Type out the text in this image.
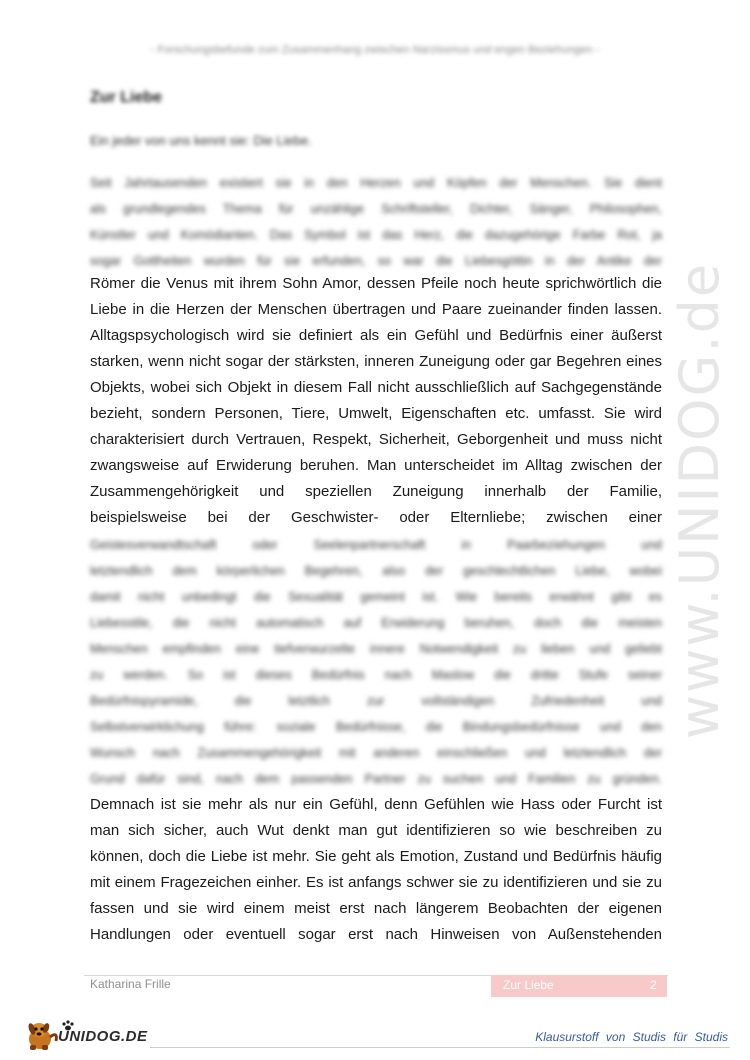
- Forschungsbefunde zum Zusammenhang zwischen Narzissmus und engen Beziehungen -
Zur Liebe
Ein jeder von uns kennt sie: Die Liebe.
Seit Jahrtausenden existiert sie in den Herzen und Köpfen der Menschen. Sie dient
als grundlegendes Thema für unzählige Schriftsteller, Dichter, Sänger, Philosophen,
Künstler und Komödianten. Das Symbol ist das Herz, die dazugehörige Farbe Rot, ja
sogar Gottheiten wurden für sie erfunden, so war die Liebesgöttin in der Antike der
Römer die Venus mit ihrem Sohn Amor, dessen Pfeile noch heute sprichwörtlich die
Liebe in die Herzen der Menschen übertragen und Paare zueinander finden lassen.
Alltagspsychologisch wird sie definiert als ein Gefühl und Bedürfnis einer äußerst
starken, wenn nicht sogar der stärksten, inneren Zuneigung oder gar Begehren eines
Objekts, wobei sich Objekt in diesem Fall nicht ausschließlich auf Sachgegenstände
bezieht, sondern Personen, Tiere, Umwelt, Eigenschaften etc. umfasst. Sie wird
charakterisiert durch Vertrauen, Respekt, Sicherheit, Geborgenheit und muss nicht
zwangsweise auf Erwiderung beruhen. Man unterscheidet im Alltag zwischen der
Zusammengehörigkeit und speziellen Zuneigung innerhalb der Familie,
beispielsweise bei der Geschwister- oder Elternliebe; zwischen einer
Geistesverwandtschaft oder Seelenpartnerschaft in Paarbeziehungen und
letztendlich dem körperlichen Begehren, also der geschlechtlichen Liebe, wobei
damit nicht unbedingt die Sexualität gemeint ist. Wie bereits erwähnt gibt es
Liebesstile, die nicht automatisch auf Erwiderung beruhen, doch die meisten
Menschen empfinden eine tiefverwurzelte innere Notwendigkeit zu lieben und geliebt
zu werden. So ist dieses Bedürfnis nach Maslow die dritte Stufe seiner
Bedürfnispyramide, die letztlich zur vollständigen Zufriedenheit und
Selbstverwirklichung führe: soziale Bedürfnisse, die Bindungsbedürfnisse und den
Wunsch nach Zusammengehörigkeit mit anderen einschließen und letztendlich der
Grund dafür sind, nach dem passenden Partner zu suchen und Familien zu gründen.
Demnach ist sie mehr als nur ein Gefühl, denn Gefühlen wie Hass oder Furcht ist
man sich sicher, auch Wut denkt man gut identifizieren so wie beschreiben zu
können, doch die Liebe ist mehr. Sie geht als Emotion, Zustand und Bedürfnis häufig
mit einem Fragezeichen einher. Es ist anfangs schwer sie zu identifizieren und sie zu
fassen und sie wird einem meist erst nach längerem Beobachten der eigenen
Handlungen oder eventuell sogar erst nach Hinweisen von Außenstehenden
www.UNIDOG.de
Katharina Frille	Zur Liebe	2
UNIDOG.DE	Klausurstoff von Studis für Studis
